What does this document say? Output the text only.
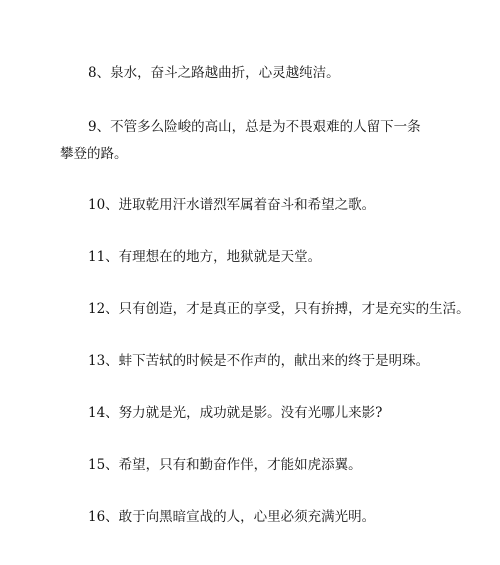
8、泉水，奋斗之路越曲折，心灵越纯洁。

9、不管多么险峻的高山，总是为不畏艰难的人留下一条攀登的路。

10、进取乾用汗水谱烈军属着奋斗和希望之歌。

11、有理想在的地方，地狱就是天堂。

12、只有创造，才是真正的享受，只有拚搏，才是充实的生活。

13、蚌下苦轼的时候是不作声的，献出来的终于是明珠。

14、努力就是光，成功就是影。没有光哪儿来影?

15、希望，只有和勤奋作伴，才能如虎添翼。

16、敢于向黑暗宣战的人，心里必须充满光明。
